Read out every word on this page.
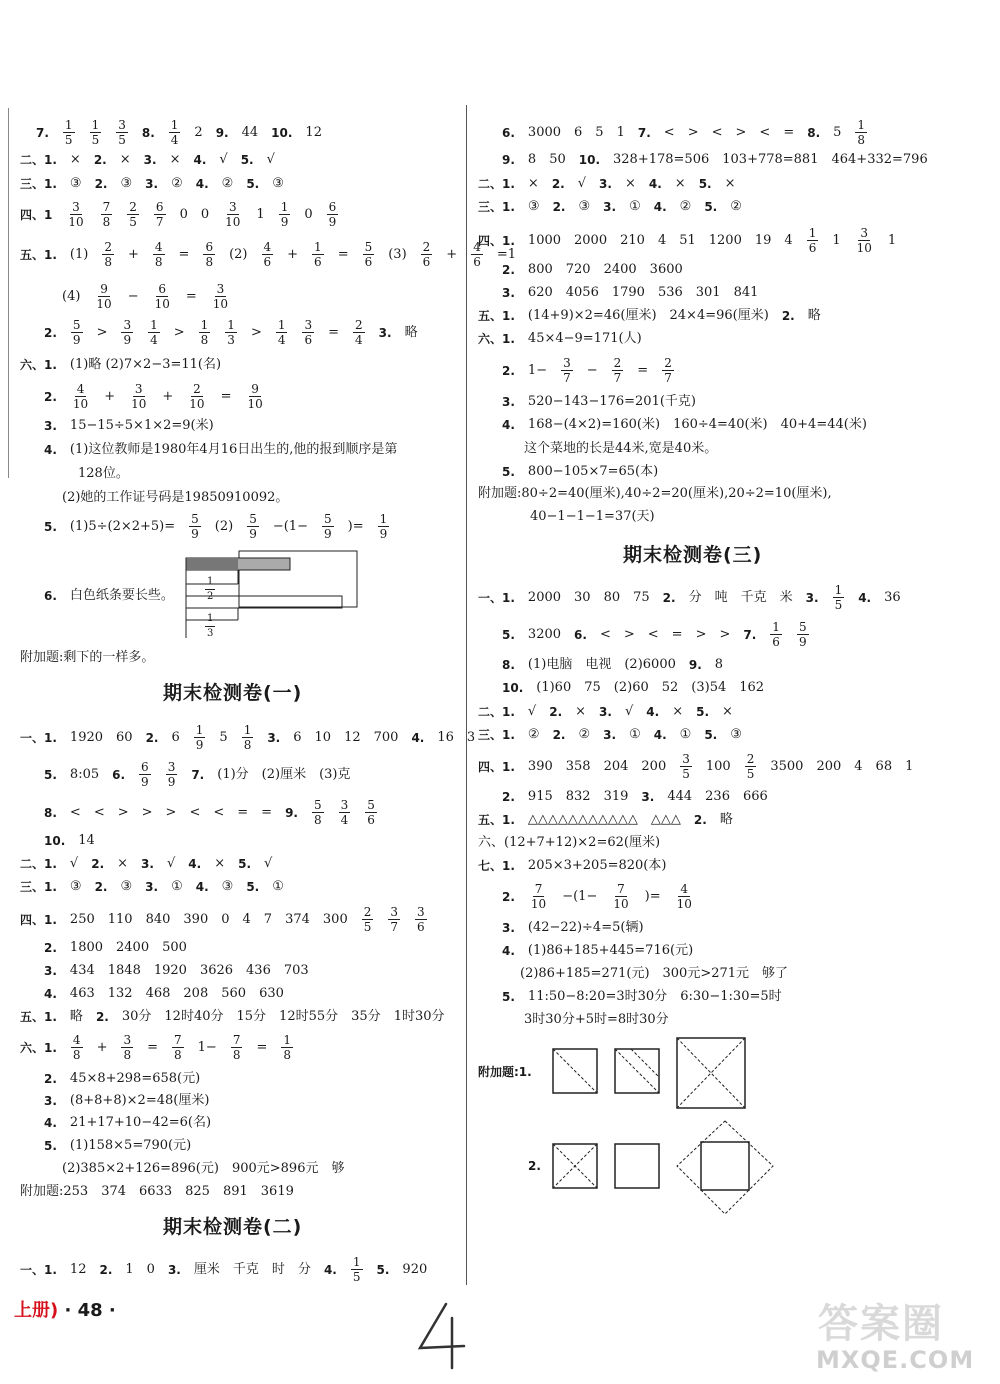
7. $\frac{1}{5} \frac{1}{5} \frac{3}{5} 8$. $\frac{1}{4} 2$ 9. 44 10. 12
二、1. × 2. × 3. × 4. √ 5. √
三、1. ③ 2. ③ 3. ② 4. ② 5. ③
四、$1 \frac{3}{10} \frac{7}{8} \frac{2}{5} \frac{6}{7} 0$ $0 \frac{3}{10} 1 \frac{1}{9} 0 \frac{6}{9}$
五、1. $(1) \frac{2}{8} + \frac{4}{8} = \frac{6}{8} (2) \frac{4}{6} + \frac{1}{6} = \frac{5}{6} (3) \frac{2}{6} + \frac{4}{6} =1$
$(4) \frac{9}{10} - \frac{6}{10} = \frac{3}{10}$
2. $\frac{5}{9} > \frac{3}{9} \frac{1}{4} > \frac{1}{8} \frac{1}{3} > \frac{1}{4} \frac{3}{6} = \frac{2}{4} 3$. 略
六、1. (1)略 (2)7×2−3=11(名)
2. $\frac{4}{10} + \frac{3}{10} + \frac{2}{10} = \frac{9}{10}$
3. 15−15÷5×1×2=9(米)
4. (1)这位教师是1980年4月16日出生的,他的报到顺序是第
128位。
(2)她的工作证号码是19850910092。
5. $(1)5\div(2\times 2+5)= \frac{5}{9} (2) \frac{5}{9} -(1- \frac{5}{9}$ )= $\frac{1}{9}$
6. 白色纸条要长些。
附加题:剩下的一样多。
一、1. 1920 60 2. $6 \frac{1}{9} 5 \frac{1}{8} 3$. 6 10 12 700 4. 16 3
5. 8:05 6. $\frac{6}{9} \frac{3}{9} 7$. (1)分 (2)厘米 (3)克
8. < < > > > < < = = 9. $\frac{5}{8} \frac{3}{4} \frac{5}{6}$
10. 14
二、1. √ 2. × 3. √ 4. × 5. √
三、1. ③ 2. ③ 3. ① 4. ③ 5. ①
四、1. 250 110 840 390 0 4 7 374 $300 \frac{2}{5} \frac{3}{7} \frac{3}{6}$
2. 1800 2400 500
3. 434 1848 1920 3626 436 703
4. 463 132 468 208 560 630
五、1. 略 2. 30分 12时40分 15分 12时55分 35分 1时30分
六、1. $\frac{4}{8} + \frac{3}{8} = \frac{7}{8} 1- \frac{7}{8} = \frac{1}{8}$
2. 45×8+298=658(元)
3. (8+8+8)×2=48(厘米)
4. 21+17+10−42=6(名)
5. (1)158×5=790(元)
(2)385×2+126=896(元) 900元>896元 够
附加题:253 374 6633 825 891 3619
一、1. 12 2. 1 0 3. 厘米 千克 时 分 4. $\frac{1}{5} 5$. 920
6. 3000 6 5 1 7. < > < > < = 8. $5 \frac{1}{8}$
9. 8 50 10. 328+178=506 103+778=881 464+332=796
二、1. × 2. √ 3. × 4. × 5. ×
三、1. ③ 2. ③ 3. ① 4. ② 5. ②
四、1. 1000 2000 210 4 51 1200 19 $4 \frac{1}{6} 1 \frac{3}{10} 1$
2. 800 720 2400 3600
3. 620 4056 1790 536 301 841
五、1. (14+9)×2=46(厘米) 24×4=96(厘米) 2. 略
六、1. 45×4−9=171(人)
2. $1- \frac{3}{7} - \frac{2}{7} = \frac{2}{7}$
3. 520−143−176=201(千克)
4. 168−(4×2)=160(米) 160÷4=40(米) 40+4=44(米)
这个菜地的长是44米,宽是40米。
5. 800−105×7=65(本)
附加题:80÷2=40(厘米),40÷2=20(厘米),20÷2=10(厘米),
40−1−1−1=37(天)
一、1. 2000 30 80 75 2. 分 吨 千克 米 3. $\frac{1}{5} 4$. 36
5. 3200 6. < > < = > > 7. $\frac{1}{6} \frac{5}{9}$
8. (1)电脑 电视 (2)6000 9. 8
10. (1)60 75 (2)60 52 (3)54 162
二、1. √ 2. × 3. √ 4. × 5. ×
三、1. ② 2. ② 3. ① 4. ① 5. ③
四、1. 390 358 204 $200 \frac{3}{5} 100 \frac{2}{5} 3500$ 200 4 68 1
2. 915 832 319 3. 444 236 666
五、1. △△△△△△△△△△△ △△△ 2. 略
六、(12+7+12)×2=62(厘米)
七、1. 205×3+205=820(本)
2. $\frac{7}{10} -(1- \frac{7}{10}$ )= $\frac{4}{10}$
3. (42−22)÷4=5(辆)
4. (1)86+185+445=716(元)
(2)86+185=271(元) 300元>271元 够了
5. 11:50−8:20=3时30分 6:30−1:30=5时
3时30分+5时=8时30分
附加题:1.
2.
期末检测卷(一)
期末检测卷(二)
期末检测卷(三)
1
2
1
3
上册) · 48 ·	4
答案圈
MXQE.COM
